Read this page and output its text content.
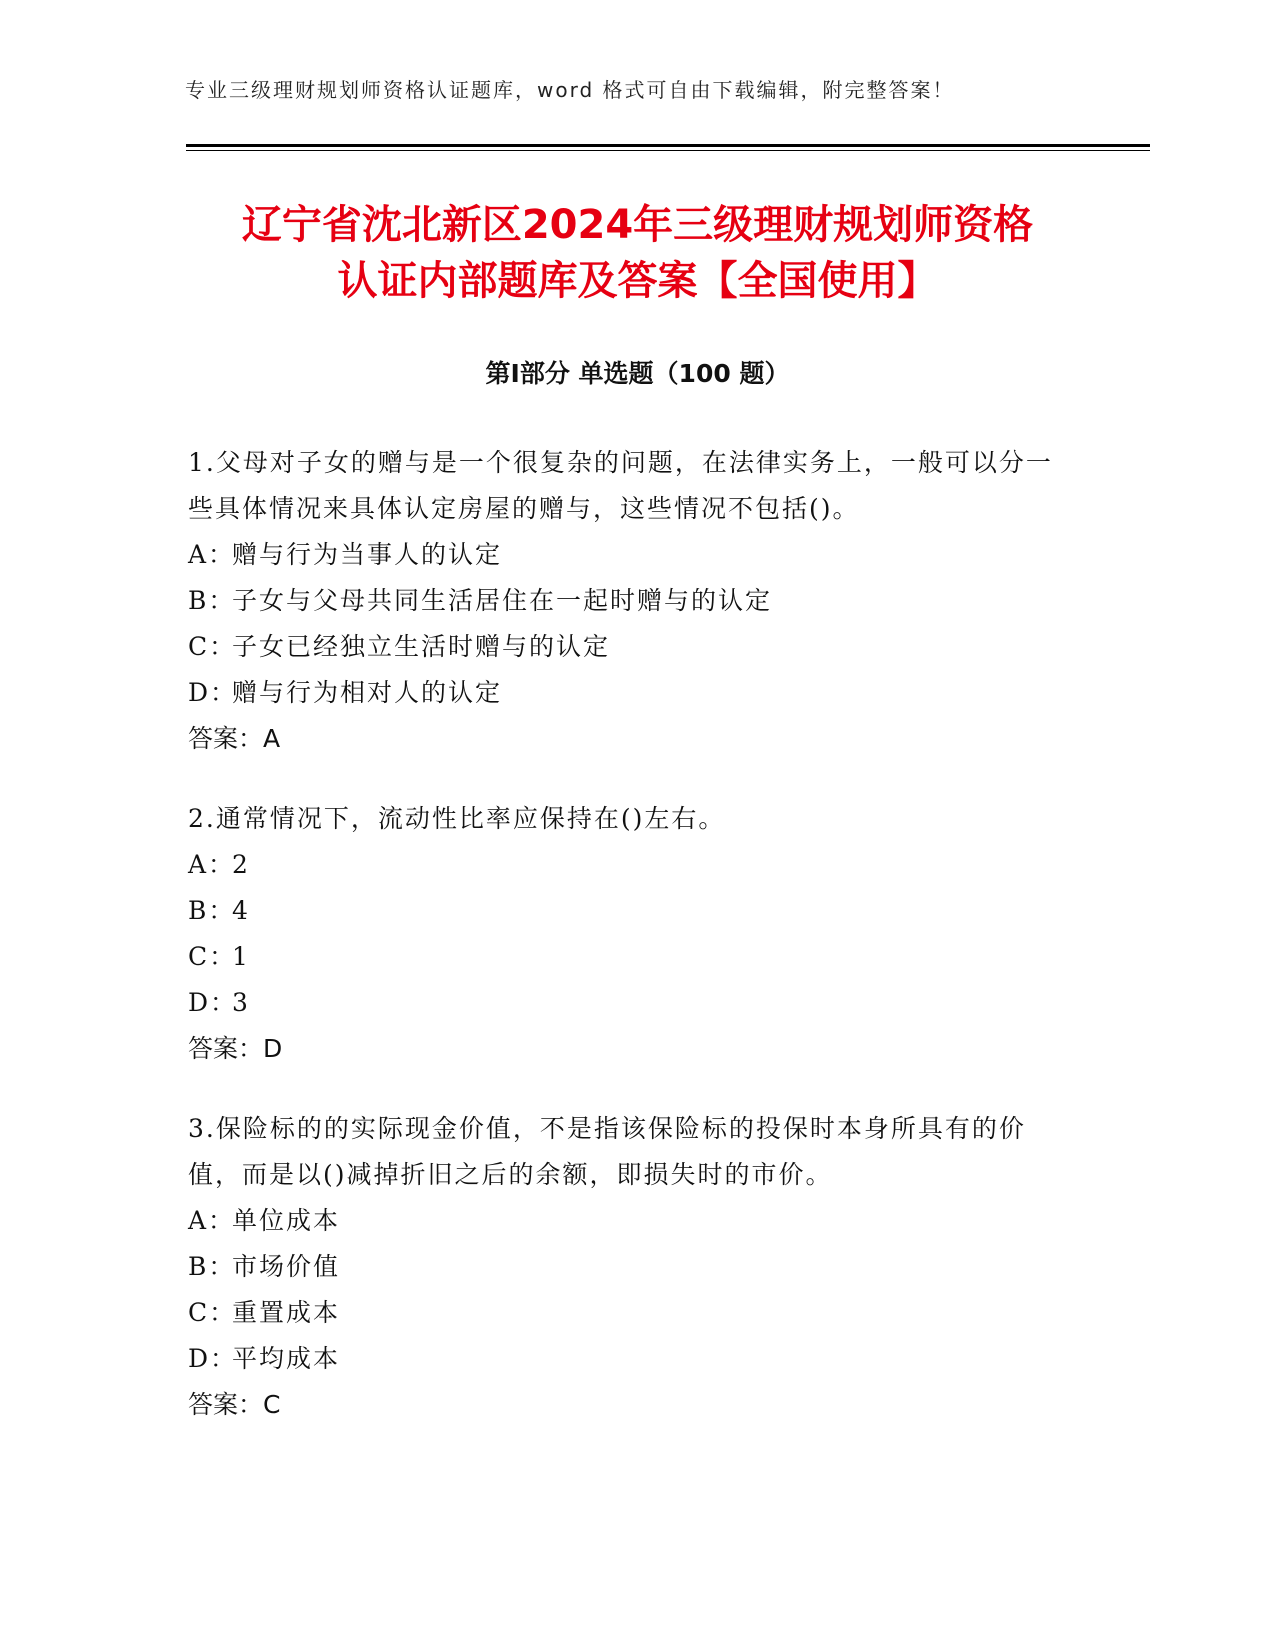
专业三级理财规划师资格认证题库，word 格式可自由下载编辑，附完整答案！
辽宁省沈北新区2024年三级理财规划师资格
认证内部题库及答案【全国使用】
第Ⅰ部分 单选题（100 题）
1.父母对子女的赠与是一个很复杂的问题，在法律实务上，一般可以分一些具体情况来具体认定房屋的赠与，这些情况不包括()。
A：赠与行为当事人的认定
B：子女与父母共同生活居住在一起时赠与的认定
C：子女已经独立生活时赠与的认定
D：赠与行为相对人的认定
答案：A
2.通常情况下，流动性比率应保持在()左右。
A：2
B：4
C：1
D：3
答案：D
3.保险标的的实际现金价值，不是指该保险标的投保时本身所具有的价值，而是以()减掉折旧之后的余额，即损失时的市价。
A：单位成本
B：市场价值
C：重置成本
D：平均成本
答案：C
